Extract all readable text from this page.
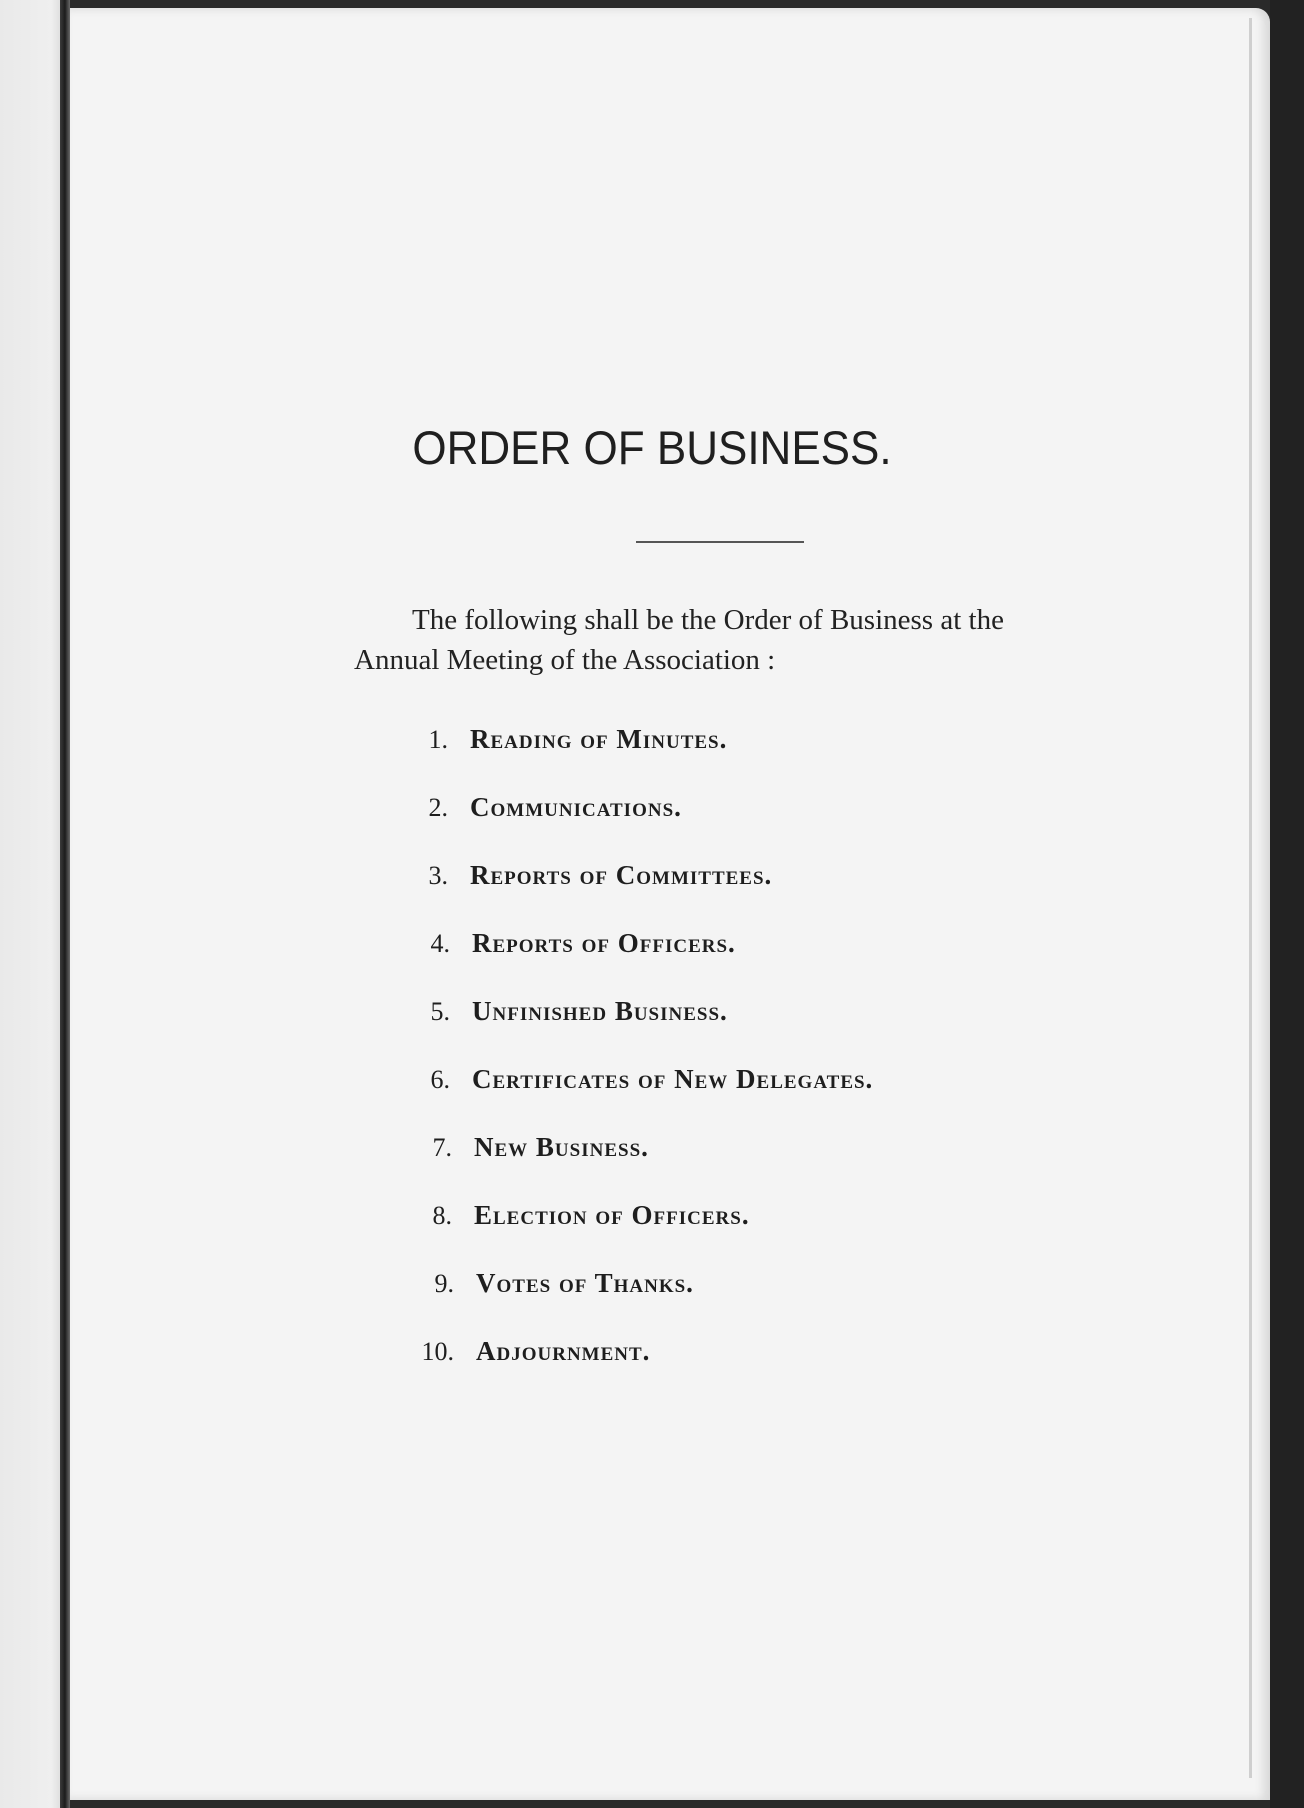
ORDER OF BUSINESS.

The following shall be the Order of Business at the Annual Meeting of the Association :

1. Reading of Minutes.
2. Communications.
3. Reports of Committees.
4. Reports of Officers.
5. Unfinished Business.
6. Certificates of New Delegates.
7. New Business.
8. Election of Officers.
9. Votes of Thanks.
10. Adjournment.
